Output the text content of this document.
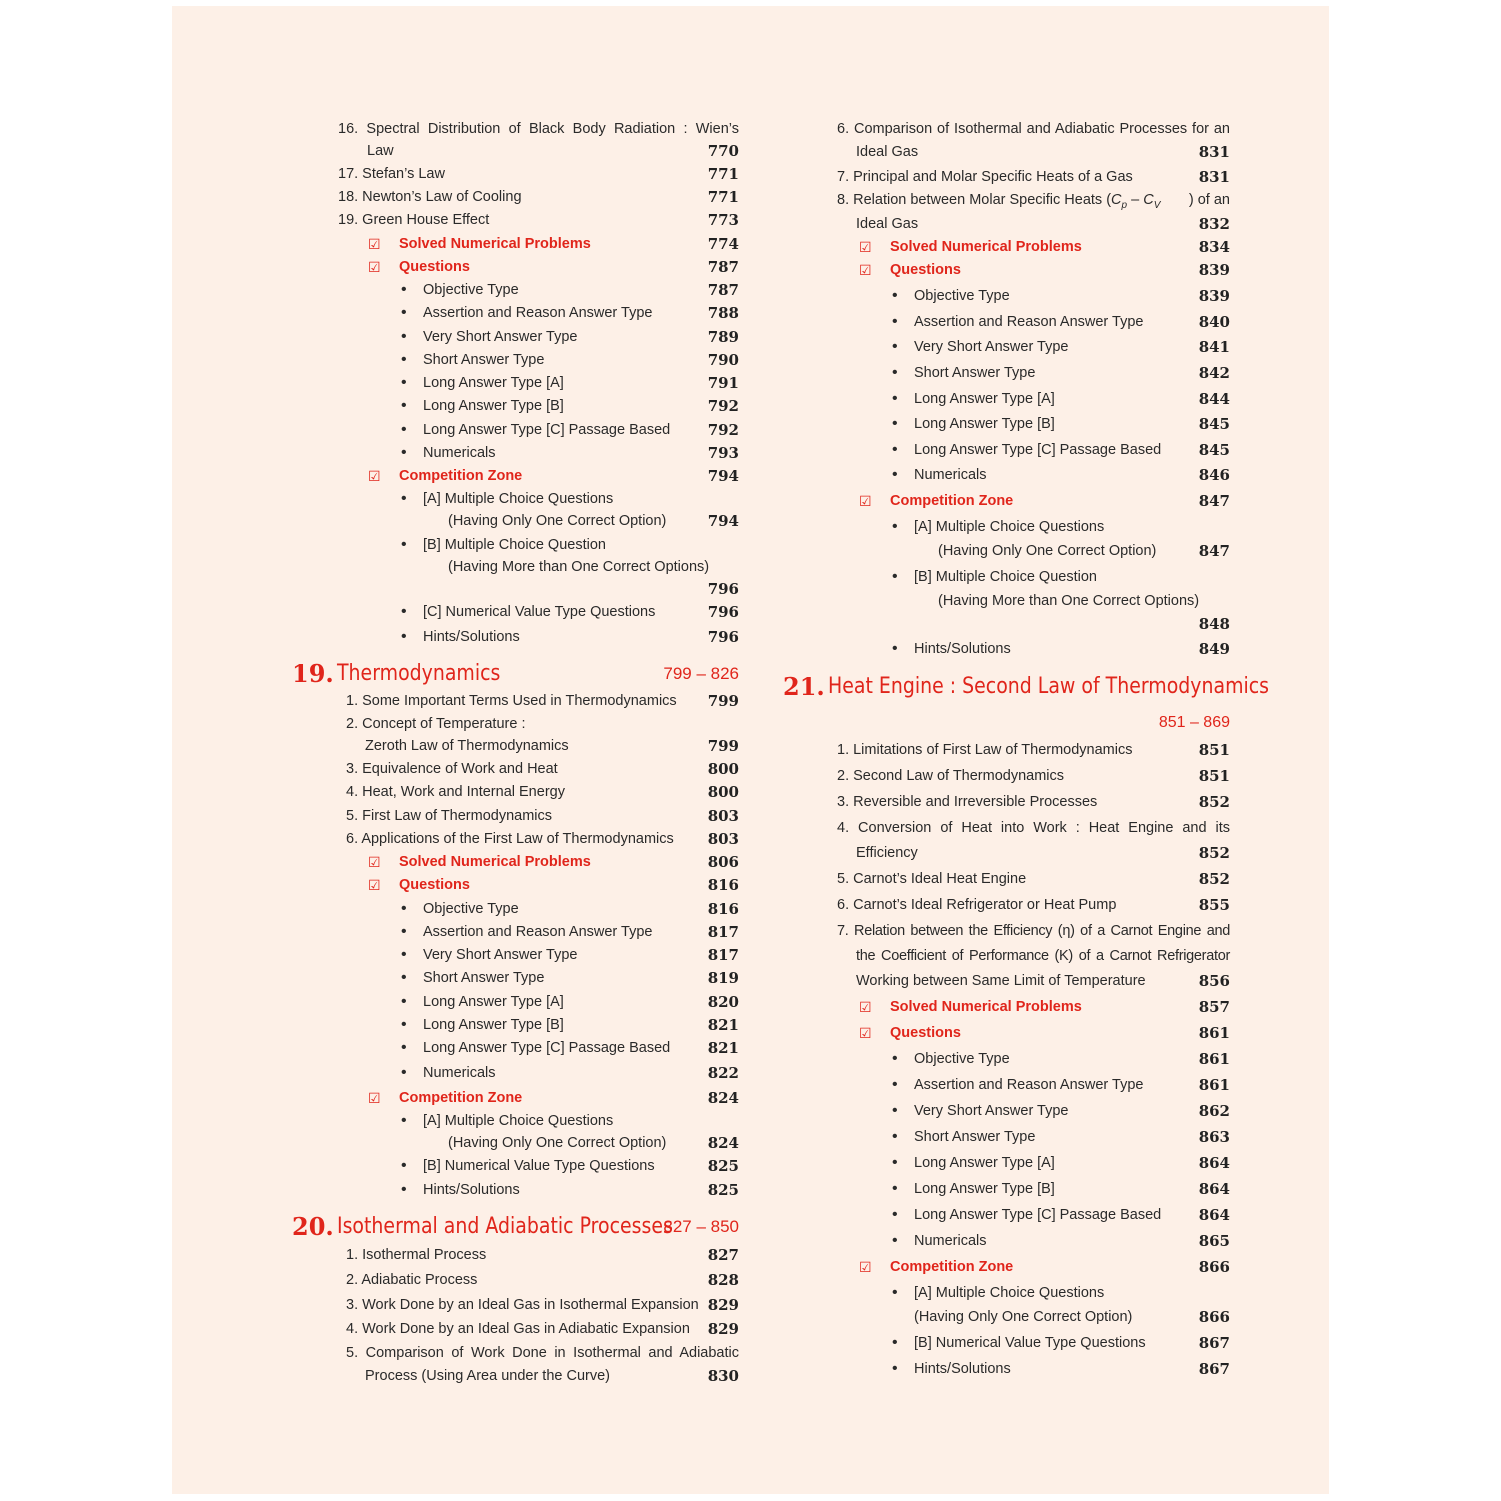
16. Spectral Distribution of Black Body Radiation : Wien’s
Law	770
17. Stefan’s Law	771
18. Newton’s Law of Cooling	771
19. Green House Effect	773
☑ Solved Numerical Problems	774
☑ Questions	787
• Objective Type	787
• Assertion and Reason Answer Type	788
• Very Short Answer Type	789
• Short Answer Type	790
• Long Answer Type [A]	791
• Long Answer Type [B]	792
• Long Answer Type [C] Passage Based 792
• Numericals	793
☑ Competition Zone	794
• [A] Multiple Choice Questions
(Having Only One Correct Option)	794
• [B] Multiple Choice Question
(Having More than One Correct Options)
796
• [C] Numerical Value Type Questions	796
• Hints/Solutions	796
19. Thermodynamics	799 – 826
1. Some Important Terms Used in Thermodynamics 799
2. Concept of Temperature :
Zeroth Law of Thermodynamics	799
3. Equivalence of Work and Heat	800
4. Heat, Work and Internal Energy	800
5. First Law of Thermodynamics	803
6. Applications of the First Law of Thermodynamics 803
☑ Solved Numerical Problems	806
☑ Questions	816
• Objective Type	816
• Assertion and Reason Answer Type	817
• Very Short Answer Type	817
• Short Answer Type	819
• Long Answer Type [A]	820
• Long Answer Type [B]	821
• Long Answer Type [C] Passage Based 821
• Numericals	822
☑ Competition Zone	824
• [A] Multiple Choice Questions
(Having Only One Correct Option)	824
• [B] Numerical Value Type Questions	825
• Hints/Solutions	825
20. Isothermal and Adiabatic Processes
827 – 850
1. Isothermal Process	827
2. Adiabatic Process	828
3. Work Done by an Ideal Gas in Isothermal Expansion 829
4. Work Done by an Ideal Gas in Adiabatic Expansion 829
5. Comparison of Work Done in Isothermal and Adiabatic
Process (Using Area under the Curve)	830
6. Comparison of Isothermal and Adiabatic Processes for an
Ideal Gas	831
7. Principal and Molar Specific Heats of a Gas	831
8. Relation between Molar Specific Heats ($C_p - C_V$ ) of an
Ideal Gas	832
☑ Solved Numerical Problems	834
☑ Questions	839
• Objective Type	839
• Assertion and Reason Answer Type	840
• Very Short Answer Type	841
• Short Answer Type	842
• Long Answer Type [A]	844
• Long Answer Type [B]	845
• Long Answer Type [C] Passage Based 845
• Numericals	846
☑ Competition Zone	847
• [A] Multiple Choice Questions
(Having Only One Correct Option)	847
• [B] Multiple Choice Question
(Having More than One Correct Options)
848
• Hints/Solutions	849
21. Heat Engine : Second Law of Thermodynamics
851 – 869
1. Limitations of First Law of Thermodynamics	851
2. Second Law of Thermodynamics	851
3. Reversible and Irreversible Processes	852
4. Conversion of Heat into Work : Heat Engine and its
Efficiency	852
5. Carnot’s Ideal Heat Engine	852
6. Carnot’s Ideal Refrigerator or Heat Pump	855
7. Relation between the Efficiency (η) of a Carnot Engine and
the Coefficient of Performance (K) of a Carnot Refrigerator
Working between Same Limit of Temperature	856
☑ Solved Numerical Problems	857
☑ Questions	861
• Objective Type	861
• Assertion and Reason Answer Type	861
• Very Short Answer Type	862
• Short Answer Type	863
• Long Answer Type [A]	864
• Long Answer Type [B]	864
• Long Answer Type [C] Passage Based 864
• Numericals	865
☑ Competition Zone	866
• [A] Multiple Choice Questions
(Having Only One Correct Option)	866
• [B] Numerical Value Type Questions	867
• Hints/Solutions	867
